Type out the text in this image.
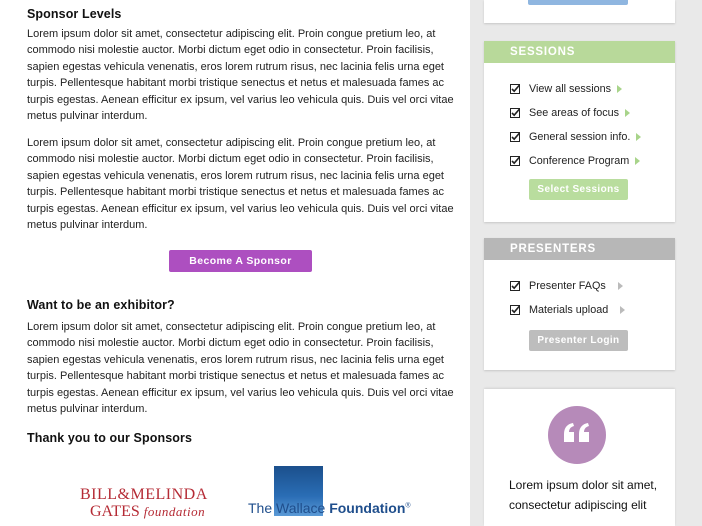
Sponsor Levels

Lorem ipsum dolor sit amet, consectetur adipiscing elit. Proin congue pretium leo, at commodo nisi molestie auctor. Morbi dictum eget odio in consectetur. Proin facilisis, sapien egestas vehicula venenatis, eros lorem rutrum risus, nec lacinia felis urna eget turpis. Pellentesque habitant morbi tristique senectus et netus et malesuada fames ac turpis egestas. Aenean efficitur ex ipsum, vel varius leo vehicula quis. Duis vel orci vitae metus pulvinar interdum.

Lorem ipsum dolor sit amet, consectetur adipiscing elit. Proin congue pretium leo, at commodo nisi molestie auctor. Morbi dictum eget odio in consectetur. Proin facilisis, sapien egestas vehicula venenatis, eros lorem rutrum risus, nec lacinia felis urna eget turpis. Pellentesque habitant morbi tristique senectus et netus et malesuada fames ac turpis egestas. Aenean efficitur ex ipsum, vel varius leo vehicula quis. Duis vel orci vitae metus pulvinar interdum.

Become A Sponsor
Want to be an exhibitor?

Lorem ipsum dolor sit amet, consectetur adipiscing elit. Proin congue pretium leo, at commodo nisi molestie auctor. Morbi dictum eget odio in consectetur. Proin facilisis, sapien egestas vehicula venenatis, eros lorem rutrum risus, nec lacinia felis urna eget turpis. Pellentesque habitant morbi tristique senectus et netus et malesuada fames ac turpis egestas. Aenean efficitur ex ipsum, vel varius leo vehicula quis. Duis vel orci vitae metus pulvinar interdum.

Thank you to our Sponsors
BILL&MELINDA
GATES foundation	The Wallace Foundation®
SESSIONS
View all sessions
See areas of focus
General session info.
Conference Program
Select Sessions
PRESENTERS
Presenter FAQs
Materials upload
Presenter Login
Lorem ipsum dolor sit amet, consectetur adipiscing elit
